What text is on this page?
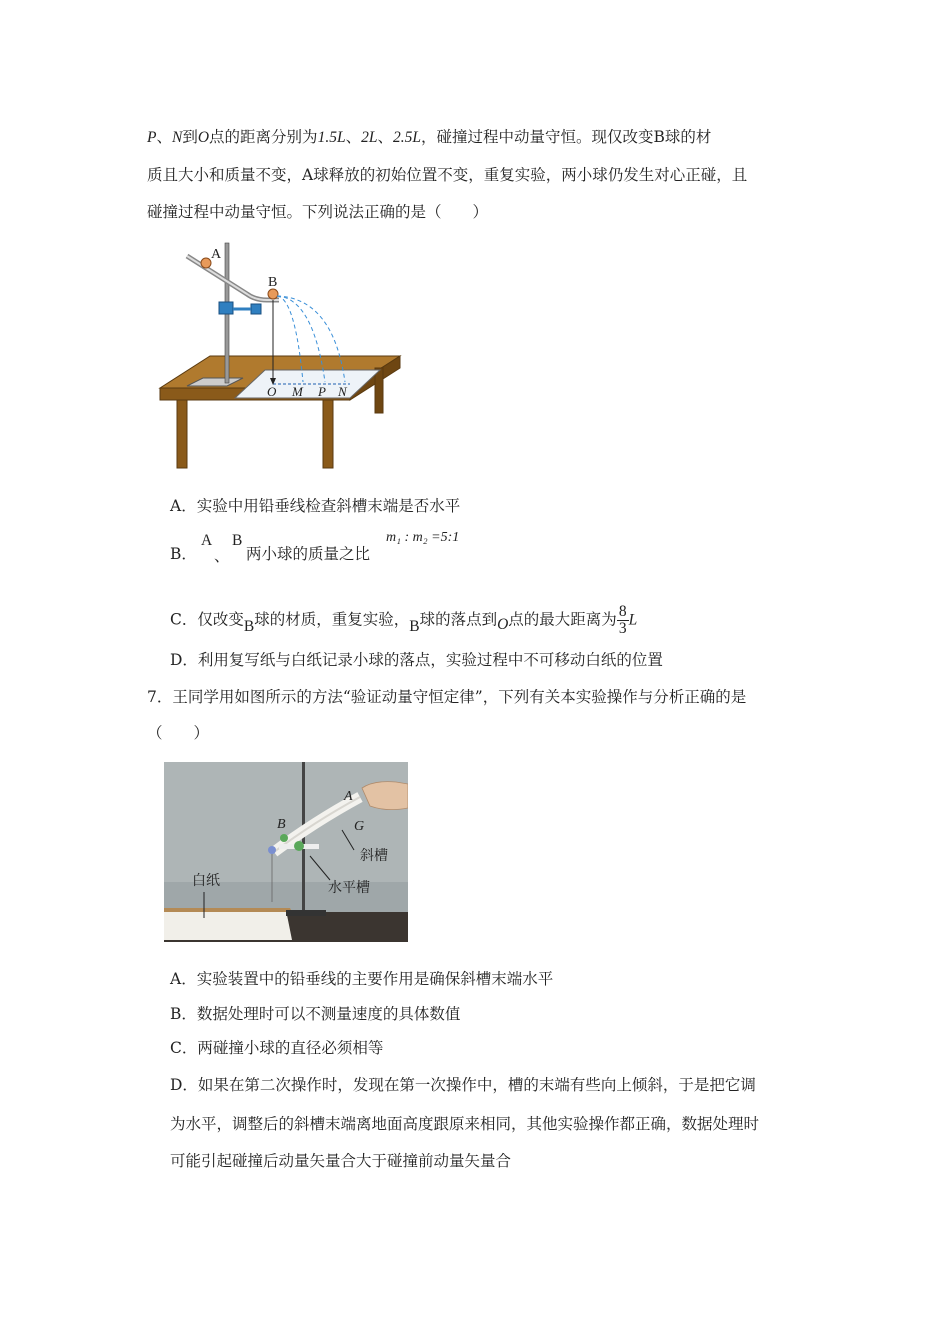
P、N到O点的距离分别为1.5L、2L、2.5L，碰撞过程中动量守恒。现仅改变B球的材
质且大小和质量不变，A球释放的初始位置不变，重复实验，两小球仍发生对心正碰，且
碰撞过程中动量守恒。下列说法正确的是（　　）
A
B
O M P N
A．实验中用铅垂线检查斜槽末端是否水平
B．
A
、
B
两小球的质量之比
m₁ : m₂ =5:1
C．仅改变B球的材质，重复实验，B球的落点到O点的最大距离为 $\frac{8}{3}$ L
D．利用复写纸与白纸记录小球的落点，实验过程中不可移动白纸的位置
7．王同学用如图所示的方法“验证动量守恒定律”，下列有关本实验操作与分析正确的是
（　　）
A
G
B
斜槽
白纸	水平槽
A．实验装置中的铅垂线的主要作用是确保斜槽末端水平
B．数据处理时可以不测量速度的具体数值
C．两碰撞小球的直径必须相等
D．如果在第二次操作时，发现在第一次操作中，槽的末端有些向上倾斜，于是把它调
为水平，调整后的斜槽末端离地面高度跟原来相同，其他实验操作都正确，数据处理时
可能引起碰撞后动量矢量合大于碰撞前动量矢量合
